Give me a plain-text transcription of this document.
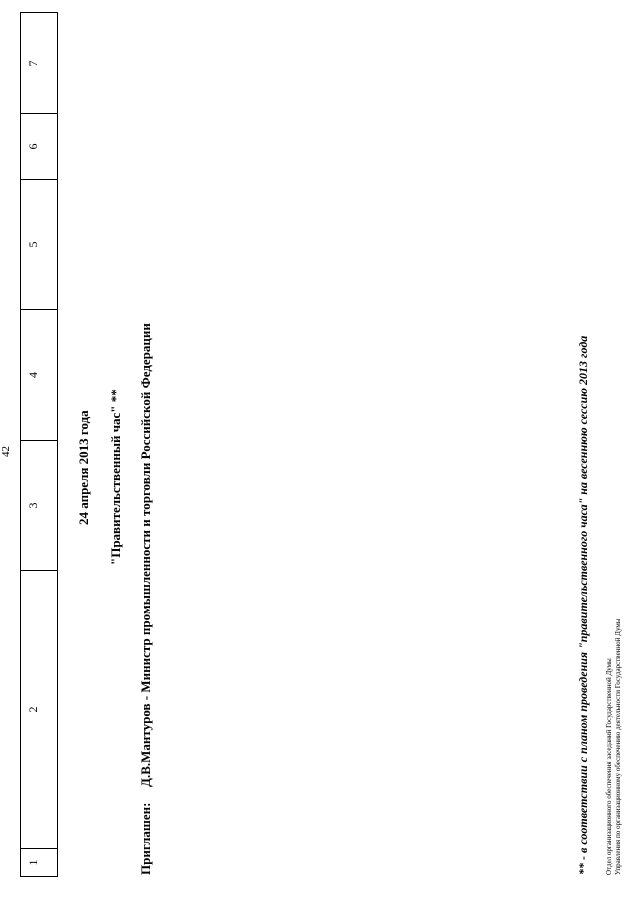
42
1
2
3
4
5
6
7
24 апреля 2013 года "Правительственный час" **
Приглашен:
Д.В.Мантуров - Министр промышленности и торговли Российской Федерации	** - в соответствии с планом проведения "правительственного часа" на весеннюю сессию 2013 года Отдел организационного обеспечения заседаний Государственной Думы Управления по организационному обеспечению деятельности Государственной Думы
